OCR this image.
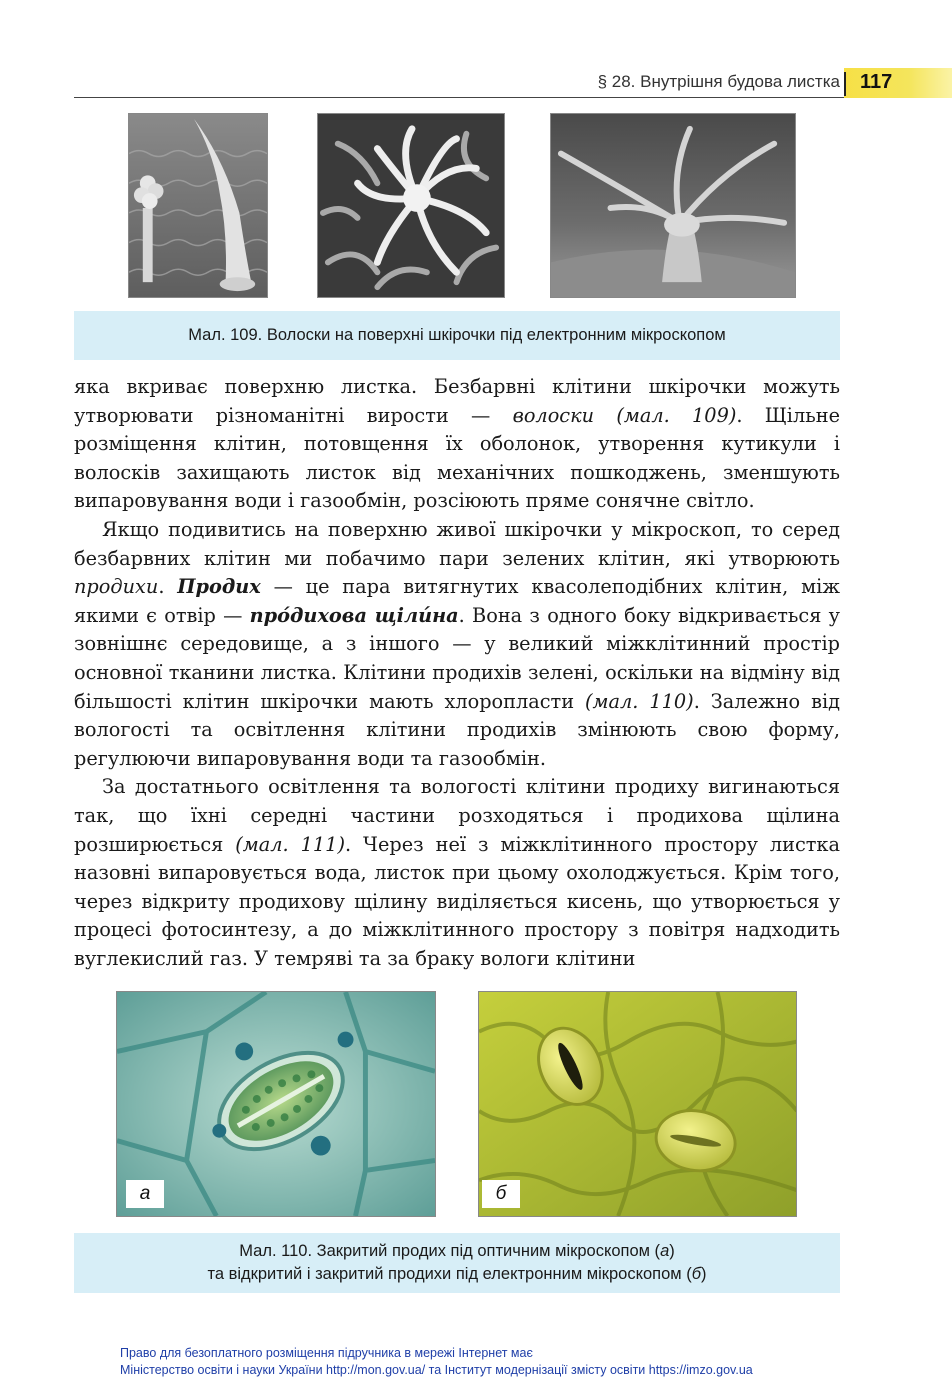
§ 28. Внутрішня будова листка 117
Мал. 109. Волоски на поверхні шкірочки під електронним мікроскопом

яка вкриває поверхню листка. Безбарвні клітини шкірочки можуть утворювати різноманітні вирости — волоски (мал. 109). Щільне розміщення клітин, потовщення їх оболонок, утворення кутикули і волосків захищають листок від механічних пошкоджень, зменшують випаровування води і газообмін, розсіюють пряме сонячне світло.

Якщо подивитись на поверхню живої шкірочки у мікроскоп, то серед безбарвних клітин ми побачимо пари зелених клітин, які утворюють продихи. Продих — це пара витягнутих квасолеподібних клітин, між якими є отвір — про́дихова щілúна. Вона з одного боку відкривається у зовнішнє середовище, а з іншого — у великий міжклітинний простір основної тканини листка. Клітини продихів зелені, оскільки на відміну від більшості клітин шкірочки мають хлоропласти (мал. 110). Залежно від вологості та освітлення клітини продихів змінюють свою форму, регулюючи випаровування води та газообмін.

За достатнього освітлення та вологості клітини продиху вигинаються так, що їхні середні частини розходяться і продихова щілина розширюється (мал. 111). Через неї з міжклітинного простору листка назовні випаровується вода, листок при цьому охолоджується. Крім того, через відкриту продихову щілину виділяється кисень, що утворюється у процесі фотосинтезу, а до міжклітинного простору з повітря надходить вуглекислий газ. У темряві та за браку вологи клітини

а	б
Мал. 110. Закритий продих під оптичним мікроскопом (а)
та відкритий і закритий продихи під електронним мікроскопом (б)
Право для безоплатного розміщення підручника в мережі Інтернет має
Міністерство освіти і науки України http://mon.gov.ua/ та Інститут модернізації змісту освіти https://imzo.gov.ua
